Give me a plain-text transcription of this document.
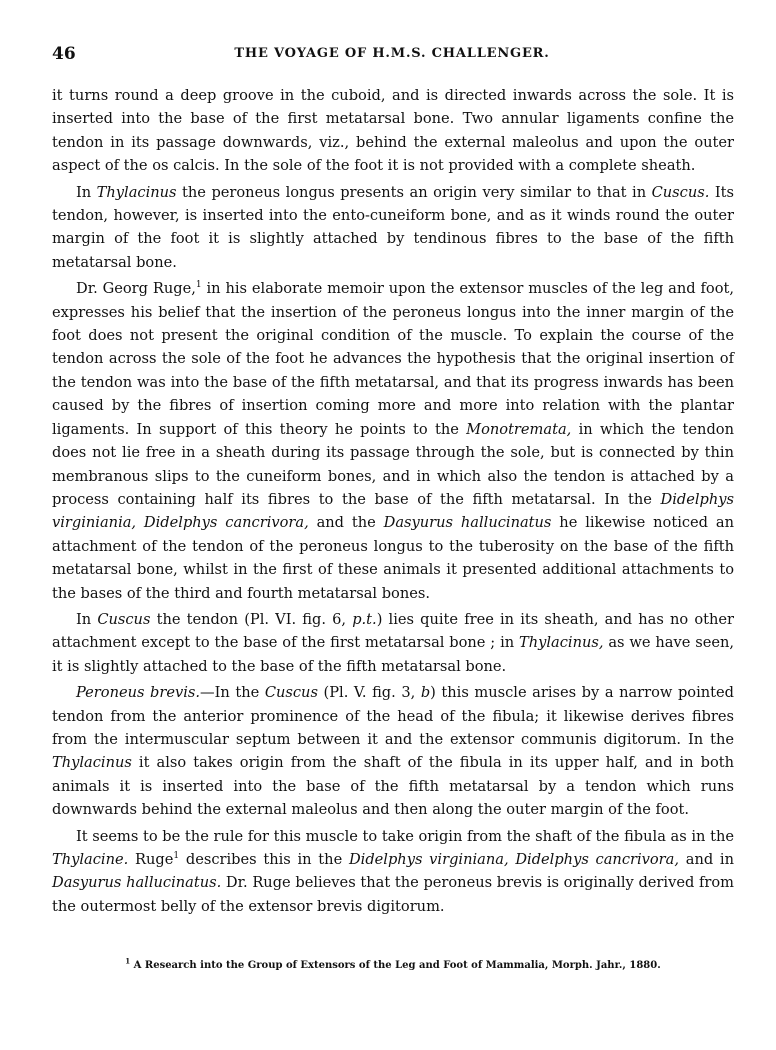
46	THE VOYAGE OF H.M.S. CHALLENGER.

it turns round a deep groove in the cuboid, and is directed inwards across the sole. It is inserted into the base of the first metatarsal bone. Two annular ligaments confine the tendon in its passage downwards, viz., behind the external maleolus and upon the outer aspect of the os calcis. In the sole of the foot it is not provided with a complete sheath.

In Thylacinus the peroneus longus presents an origin very similar to that in Cuscus. Its tendon, however, is inserted into the ento-cuneiform bone, and as it winds round the outer margin of the foot it is slightly attached by tendinous fibres to the base of the fifth metatarsal bone.

Dr. Georg Ruge,$^1$ in his elaborate memoir upon the extensor muscles of the leg and foot, expresses his belief that the insertion of the peroneus longus into the inner margin of the foot does not present the original condition of the muscle. To explain the course of the tendon across the sole of the foot he advances the hypothesis that the original insertion of the tendon was into the base of the fifth metatarsal, and that its progress inwards has been caused by the fibres of insertion coming more and more into relation with the plantar ligaments. In support of this theory he points to the Monotremata, in which the tendon does not lie free in a sheath during its passage through the sole, but is connected by thin membranous slips to the cuneiform bones, and in which also the tendon is attached by a process containing half its fibres to the base of the fifth metatarsal. In the Didelphys virginiania, Didelphys cancrivora, and the Dasyurus hallucinatus he likewise noticed an attachment of the tendon of the peroneus longus to the tuberosity on the base of the fifth metatarsal bone, whilst in the first of these animals it presented additional attachments to the bases of the third and fourth metatarsal bones.

In Cuscus the tendon (Pl. VI. fig. 6, p.t.) lies quite free in its sheath, and has no other attachment except to the base of the first metatarsal bone ; in Thylacinus, as we have seen, it is slightly attached to the base of the fifth metatarsal bone.

Peroneus brevis.—In the Cuscus (Pl. V. fig. 3, b) this muscle arises by a narrow pointed tendon from the anterior prominence of the head of the fibula; it likewise derives fibres from the intermuscular septum between it and the extensor communis digitorum. In the Thylacinus it also takes origin from the shaft of the fibula in its upper half, and in both animals it is inserted into the base of the fifth metatarsal by a tendon which runs downwards behind the external maleolus and then along the outer margin of the foot.

It seems to be the rule for this muscle to take origin from the shaft of the fibula as in the Thylacine. Ruge$^1$ describes this in the Didelphys virginiana, Didelphys cancrivora, and in Dasyurus hallucinatus. Dr. Ruge believes that the peroneus brevis is originally derived from the outermost belly of the extensor brevis digitorum.

$^1$ A Research into the Group of Extensors of the Leg and Foot of Mammalia, Morph. Jahr., 1880.
